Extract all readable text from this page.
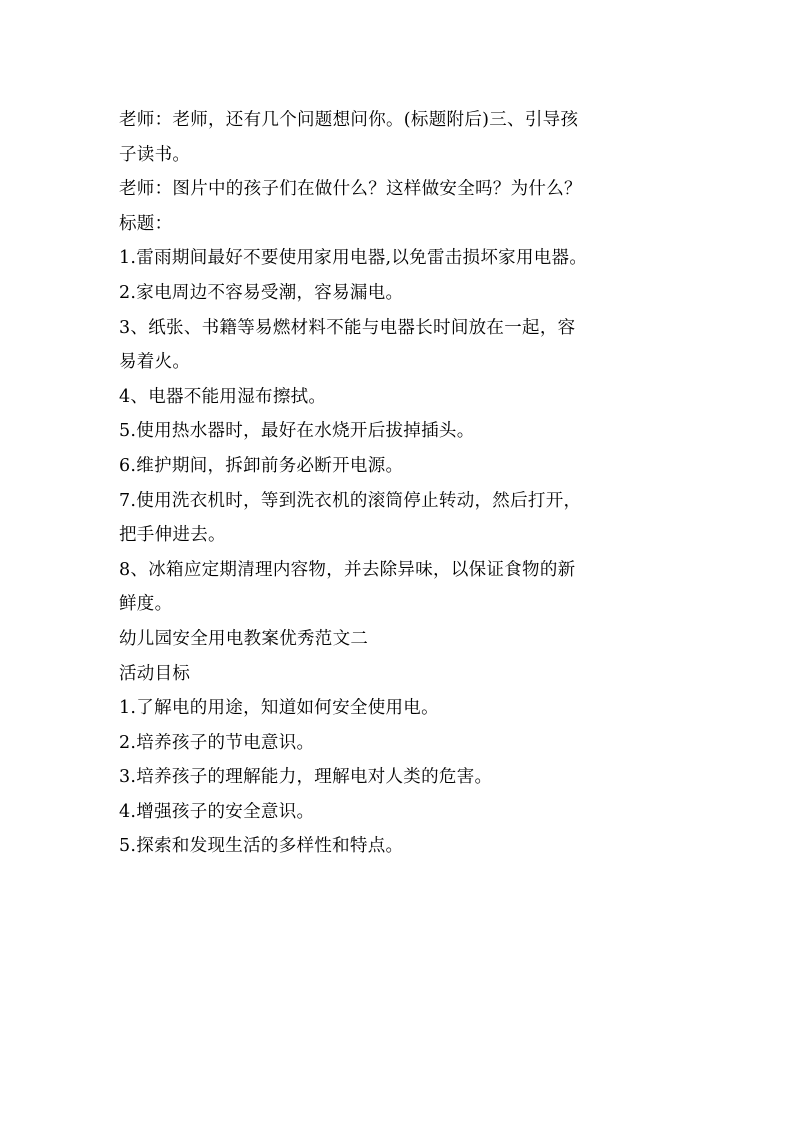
老师：老师，还有几个问题想问你。(标题附后)三、引导孩
子读书。
老师：图片中的孩子们在做什么？这样做安全吗？为什么？
标题：
1.雷雨期间最好不要使用家用电器,以免雷击损坏家用电器。
2.家电周边不容易受潮，容易漏电。
3、纸张、书籍等易燃材料不能与电器长时间放在一起，容
易着火。
4、电器不能用湿布擦拭。
5.使用热水器时，最好在水烧开后拔掉插头。
6.维护期间，拆卸前务必断开电源。
7.使用洗衣机时，等到洗衣机的滚筒停止转动，然后打开，
把手伸进去。
8、冰箱应定期清理内容物，并去除异味，以保证食物的新
鲜度。
幼儿园安全用电教案优秀范文二
活动目标
1.了解电的用途，知道如何安全使用电。
2.培养孩子的节电意识。
3.培养孩子的理解能力，理解电对人类的危害。
4.增强孩子的安全意识。
5.探索和发现生活的多样性和特点。
